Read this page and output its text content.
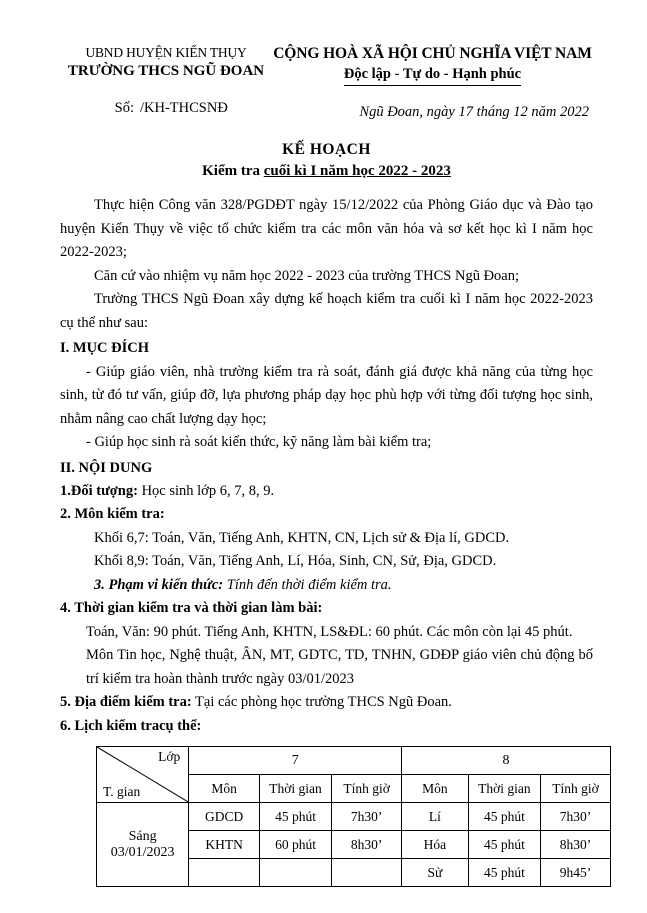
UBND HUYỆN KIẾN THỤY
TRƯỜNG THCS NGŨ ĐOAN
CỘNG HOÀ XÃ HỘI CHỦ NGHĨA VIỆT NAM
Độc lập - Tự do - Hạnh phúc
Số: /KH-THCSNĐ
KẾ HOẠCH
Kiểm tra cuối kì I năm học 2022 - 2023

Thực hiện Công văn 328/PGDĐT ngày 15/12/2022 của Phòng Giáo dục và Đào tạo huyện Kiến Thụy về việc tổ chức kiểm tra các môn văn hóa và sơ kết học kì I năm học 2022-2023;

Căn cứ vào nhiệm vụ năm học 2022 - 2023 của trường THCS Ngũ Đoan;

Trường THCS Ngũ Đoan xây dựng kế hoạch kiểm tra cuối kì I năm học 2022-2023 cụ thể như sau:

I. MỤC ĐÍCH

- Giúp giáo viên, nhà trường kiểm tra rà soát, đánh giá được khả năng của từng học sinh, từ đó tư vấn, giúp đỡ, lựa phương pháp dạy học phù hợp với từng đối tượng học sinh, nhằm nâng cao chất lượng dạy học;

- Giúp học sinh rà soát kiến thức, kỹ năng làm bài kiểm tra;

II. NỘI DUNG

1.Đối tượng: Học sinh lớp 6, 7, 8, 9.

2. Môn kiểm tra:

Khối 6,7: Toán, Văn, Tiếng Anh, KHTN, CN, Lịch sử & Địa lí, GDCD.

Khối 8,9: Toán, Văn, Tiếng Anh, Lí, Hóa, Sinh, CN, Sử, Địa, GDCD.

3. Phạm vi kiến thức: Tính đến thời điểm kiểm tra.

4. Thời gian kiểm tra và thời gian làm bài:

Toán, Văn: 90 phút. Tiếng Anh, KHTN, LS&ĐL: 60 phút. Các môn còn lại 45 phút.

Môn Tin học, Nghệ thuật, ÂN, MT, GDTC, TD, TNHN, GDĐP giáo viên chủ động bố trí kiểm tra hoàn thành trước ngày 03/01/2023

5. Địa điểm kiểm tra: Tại các phòng học trường THCS Ngũ Đoan.

6. Lịch kiểm tracụ thể:

Lớp
T. gian	7			8		
	Môn	Thời gian	Tính giờ	Môn	Thời gian	Tính giờ

Sáng
03/01/2023	GDCD	45 phút	7h30’	Lí	45 phút	7h30’
	KHTN	60 phút	8h30’	Hóa	45 phút	8h30’
				Sử	45 phút	9h45’
Ngũ Đoan, ngày 17 tháng 12 năm 2022
